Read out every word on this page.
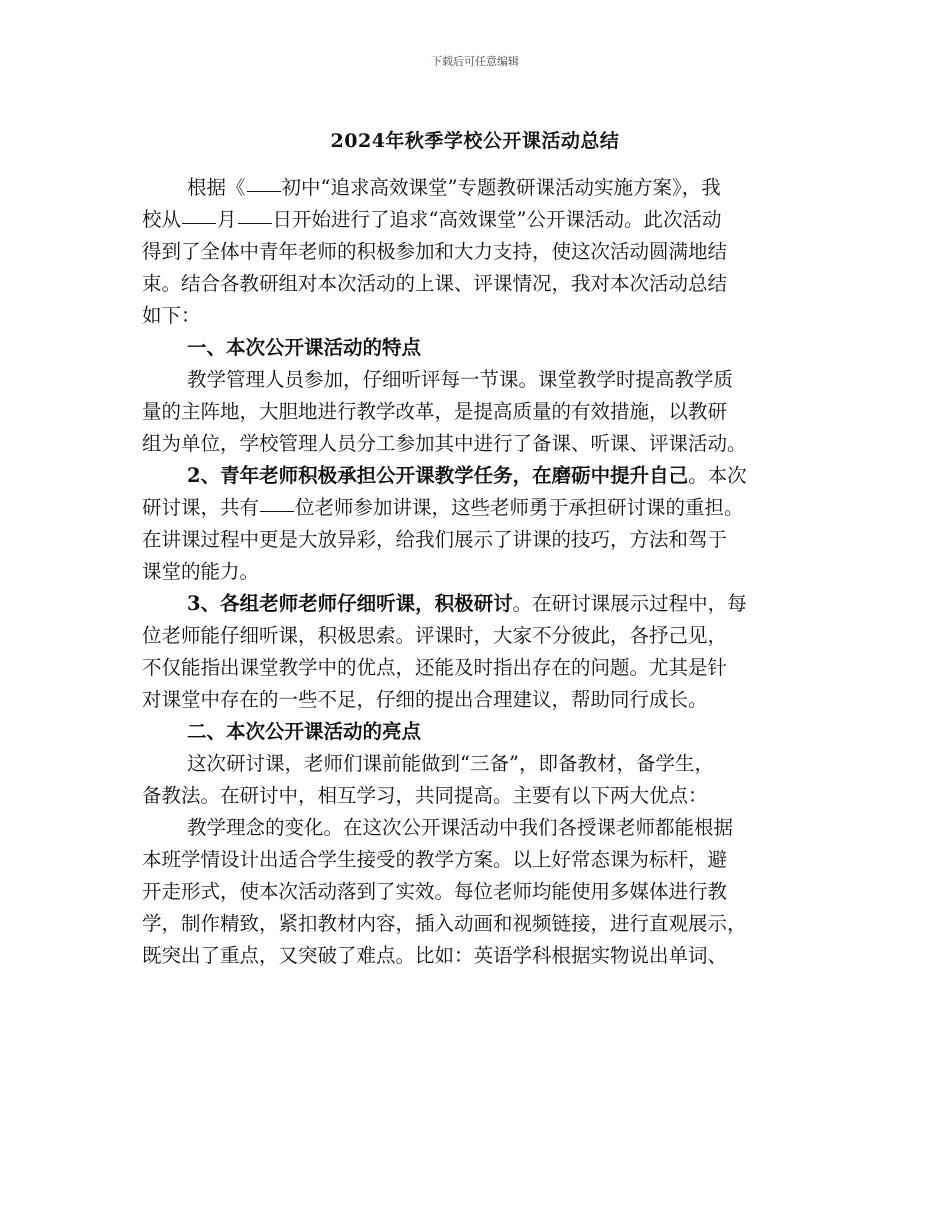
下载后可任意编辑
2024年秋季学校公开课活动总结
根据《 初中“追求高效课堂”专题教研课活动实施方案》，我
校从 月 日开始进行了追求“高效课堂”公开课活动。此次活动
得到了全体中青年老师的积极参加和大力支持，使这次活动圆满地结
束。结合各教研组对本次活动的上课、评课情况，我对本次活动总结
如下：
一、本次公开课活动的特点
教学管理人员参加，仔细听评每一节课。课堂教学时提高教学质
量的主阵地，大胆地进行教学改革，是提高质量的有效措施，以教研
组为单位，学校管理人员分工参加其中进行了备课、听课、评课活动。
2、青年老师积极承担公开课教学任务，在磨砺中提升自己。本次
研讨课，共有 位老师参加讲课，这些老师勇于承担研讨课的重担。
在讲课过程中更是大放异彩，给我们展示了讲课的技巧，方法和驾于
课堂的能力。
3、各组老师老师仔细听课，积极研讨。在研讨课展示过程中，每
位老师能仔细听课，积极思索。评课时，大家不分彼此，各抒己见，
不仅能指出课堂教学中的优点，还能及时指出存在的问题。尤其是针
对课堂中存在的一些不足，仔细的提出合理建议，帮助同行成长。
二、本次公开课活动的亮点
这次研讨课，老师们课前能做到“三备”，即备教材，备学生，
备教法。在研讨中，相互学习，共同提高。主要有以下两大优点：
教学理念的变化。在这次公开课活动中我们各授课老师都能根据
本班学情设计出适合学生接受的教学方案。以上好常态课为标杆，避
开走形式，使本次活动落到了实效。每位老师均能使用多媒体进行教
学，制作精致，紧扣教材内容，插入动画和视频链接，进行直观展示，
既突出了重点，又突破了难点。比如：英语学科根据实物说出单词、
